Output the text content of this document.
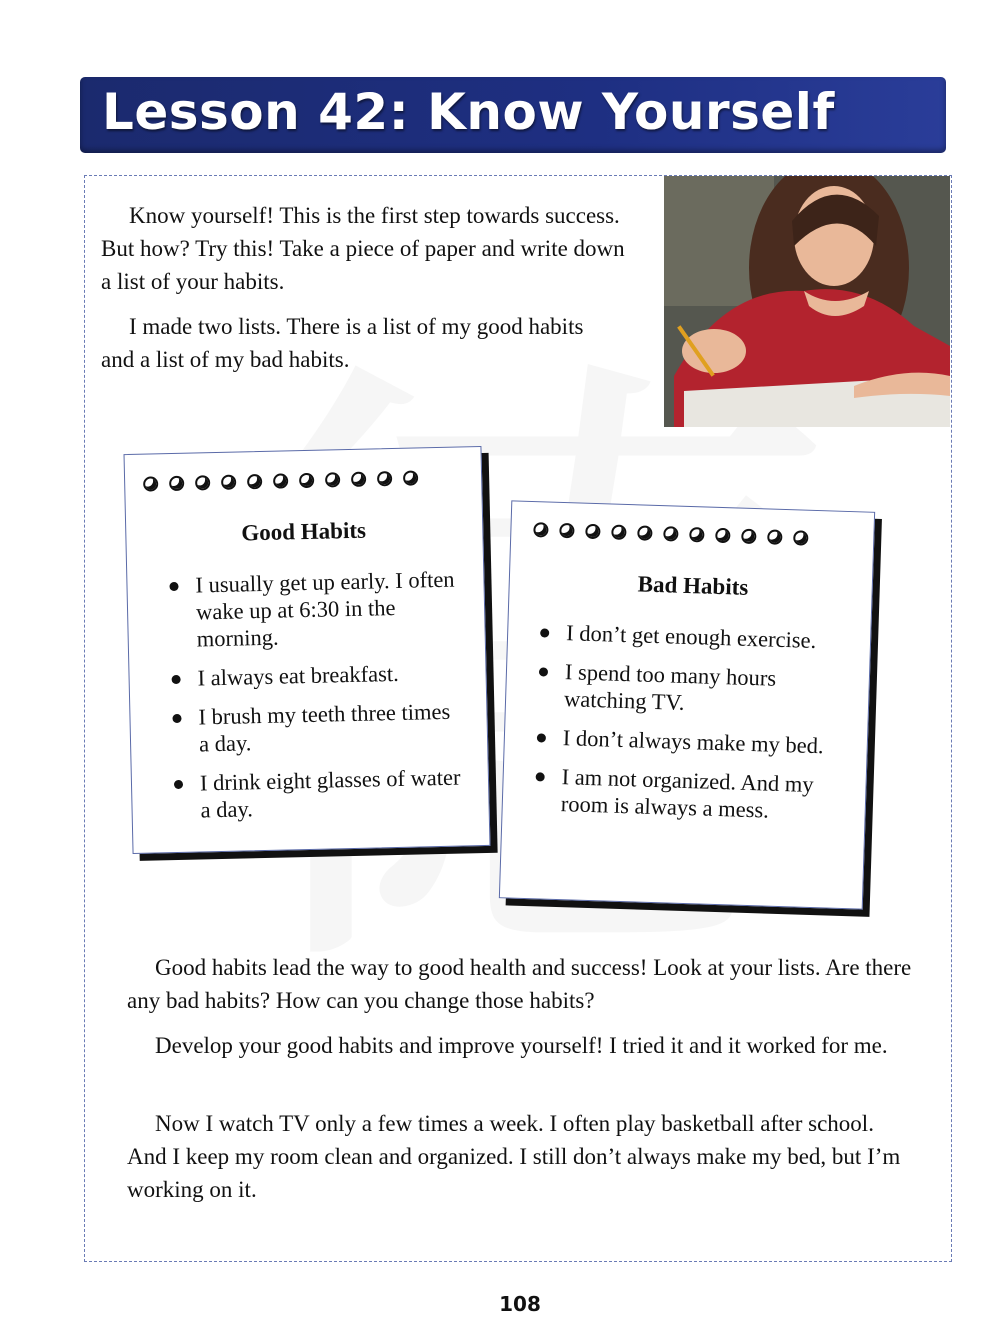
Lesson 42: Know Yourself

Know yourself! This is the first step towards success. But how? Try this! Take a piece of paper and write down a list of your habits.

I made two lists. There is a list of my good habits and a list of my bad habits.

Good Habits
I usually get up early. I often wake up at 6:30 in the morning.
I always eat breakfast.
I brush my teeth three times a day.
I drink eight glasses of water a day.
Bad Habits
I don’t get enough exercise.
I spend too many hours watching TV.
I don’t always make my bed.
I am not organized. And my room is always a mess.

Good habits lead the way to good health and success! Look at your lists. Are there any bad habits? How can you change those habits?

Develop your good habits and improve yourself! I tried it and it worked for me.

Now I watch TV only a few times a week. I often play basketball after school. And I keep my room clean and organized. I still don’t always make my bed, but I’m working on it.

108
